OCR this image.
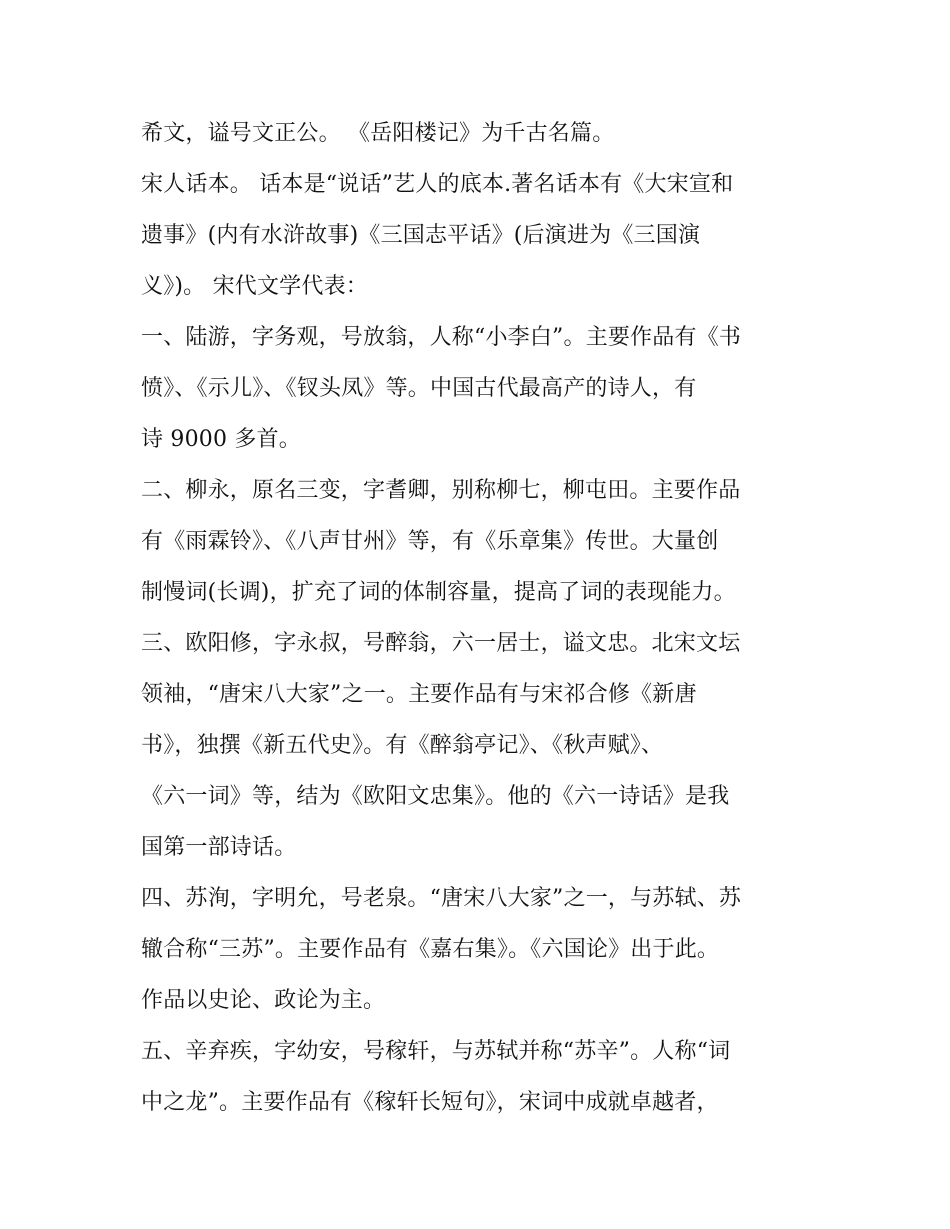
希文，谥号文正公。 《岳阳楼记》为千古名篇。
宋人话本。 话本是“说话”艺人的底本.著名话本有《大宋宣和
遗事》(内有水浒故事)《三国志平话》(后演进为《三国演
义》)。 宋代文学代表：
一、陆游，字务观，号放翁，人称“小李白”。主要作品有《书
愤》、《示儿》、《钗头凤》等。中国古代最高产的诗人，有
诗 9000 多首。
二、柳永，原名三变，字耆卿，别称柳七，柳屯田。主要作品
有《雨霖铃》、《八声甘州》等，有《乐章集》传世。大量创
制慢词(长调)，扩充了词的体制容量，提高了词的表现能力。
三、欧阳修，字永叔，号醉翁，六一居士，谥文忠。北宋文坛
领袖，“唐宋八大家”之一。主要作品有与宋祁合修《新唐
书》，独撰《新五代史》。有《醉翁亭记》、《秋声赋》、
《六一词》等，结为《欧阳文忠集》。他的《六一诗话》是我
国第一部诗话。
四、苏洵，字明允，号老泉。“唐宋八大家”之一，与苏轼、苏
辙合称“三苏”。主要作品有《嘉右集》。《六国论》出于此。
作品以史论、政论为主。
五、辛弃疾，字幼安，号稼轩，与苏轼并称“苏辛”。人称“词
中之龙”。主要作品有《稼轩长短句》，宋词中成就卓越者，
